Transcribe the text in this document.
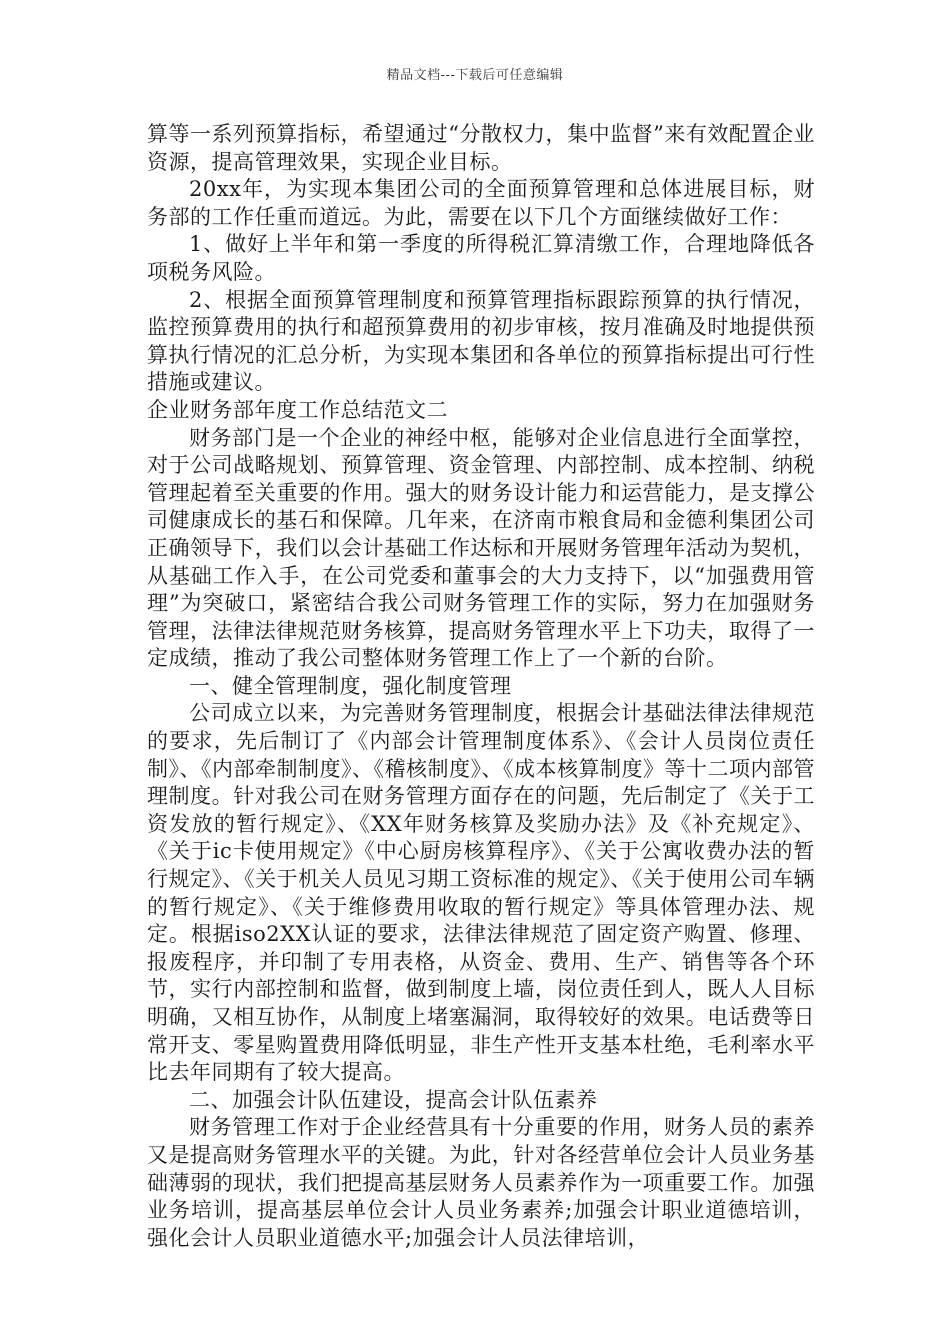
精品文档---下载后可任意编辑

算等一系列预算指标，希望通过“分散权力，集中监督”来有效配置企业资源，提高管理效果，实现企业目标。

20xx年，为实现本集团公司的全面预算管理和总体进展目标，财务部的工作任重而道远。为此，需要在以下几个方面继续做好工作：

1、做好上半年和第一季度的所得税汇算清缴工作，合理地降低各项税务风险。

2、根据全面预算管理制度和预算管理指标跟踪预算的执行情况，监控预算费用的执行和超预算费用的初步审核，按月准确及时地提供预算执行情况的汇总分析，为实现本集团和各单位的预算指标提出可行性措施或建议。

企业财务部年度工作总结范文二

财务部门是一个企业的神经中枢，能够对企业信息进行全面掌控，对于公司战略规划、预算管理、资金管理、内部控制、成本控制、纳税管理起着至关重要的作用。强大的财务设计能力和运营能力，是支撑公司健康成长的基石和保障。几年来，在济南市粮食局和金德利集团公司正确领导下，我们以会计基础工作达标和开展财务管理年活动为契机，从基础工作入手，在公司党委和董事会的大力支持下，以“加强费用管理”为突破口，紧密结合我公司财务管理工作的实际，努力在加强财务管理，法律法律规范财务核算，提高财务管理水平上下功夫，取得了一定成绩，推动了我公司整体财务管理工作上了一个新的台阶。

一、健全管理制度，强化制度管理

公司成立以来，为完善财务管理制度，根据会计基础法律法律规范的要求，先后制订了《内部会计管理制度体系》、《会计人员岗位责任制》、《内部牵制制度》、《稽核制度》、《成本核算制度》等十二项内部管理制度。针对我公司在财务管理方面存在的问题，先后制定了《关于工资发放的暂行规定》、《XX年财务核算及奖励办法》及《补充规定》、《关于ic卡使用规定》《中心厨房核算程序》、《关于公寓收费办法的暂行规定》、《关于机关人员见习期工资标准的规定》、《关于使用公司车辆的暂行规定》、《关于维修费用收取的暂行规定》等具体管理办法、规定。根据iso2XX认证的要求，法律法律规范了固定资产购置、修理、报废程序，并印制了专用表格，从资金、费用、生产、销售等各个环节，实行内部控制和监督，做到制度上墙，岗位责任到人，既人人目标明确，又相互协作，从制度上堵塞漏洞，取得较好的效果。电话费等日常开支、零星购置费用降低明显，非生产性开支基本杜绝，毛利率水平比去年同期有了较大提高。

二、加强会计队伍建设，提高会计队伍素养

财务管理工作对于企业经营具有十分重要的作用，财务人员的素养又是提高财务管理水平的关键。为此，针对各经营单位会计人员业务基础薄弱的现状，我们把提高基层财务人员素养作为一项重要工作。加强业务培训，提高基层单位会计人员业务素养;加强会计职业道德培训，强化会计人员职业道德水平;加强会计人员法律培训，
